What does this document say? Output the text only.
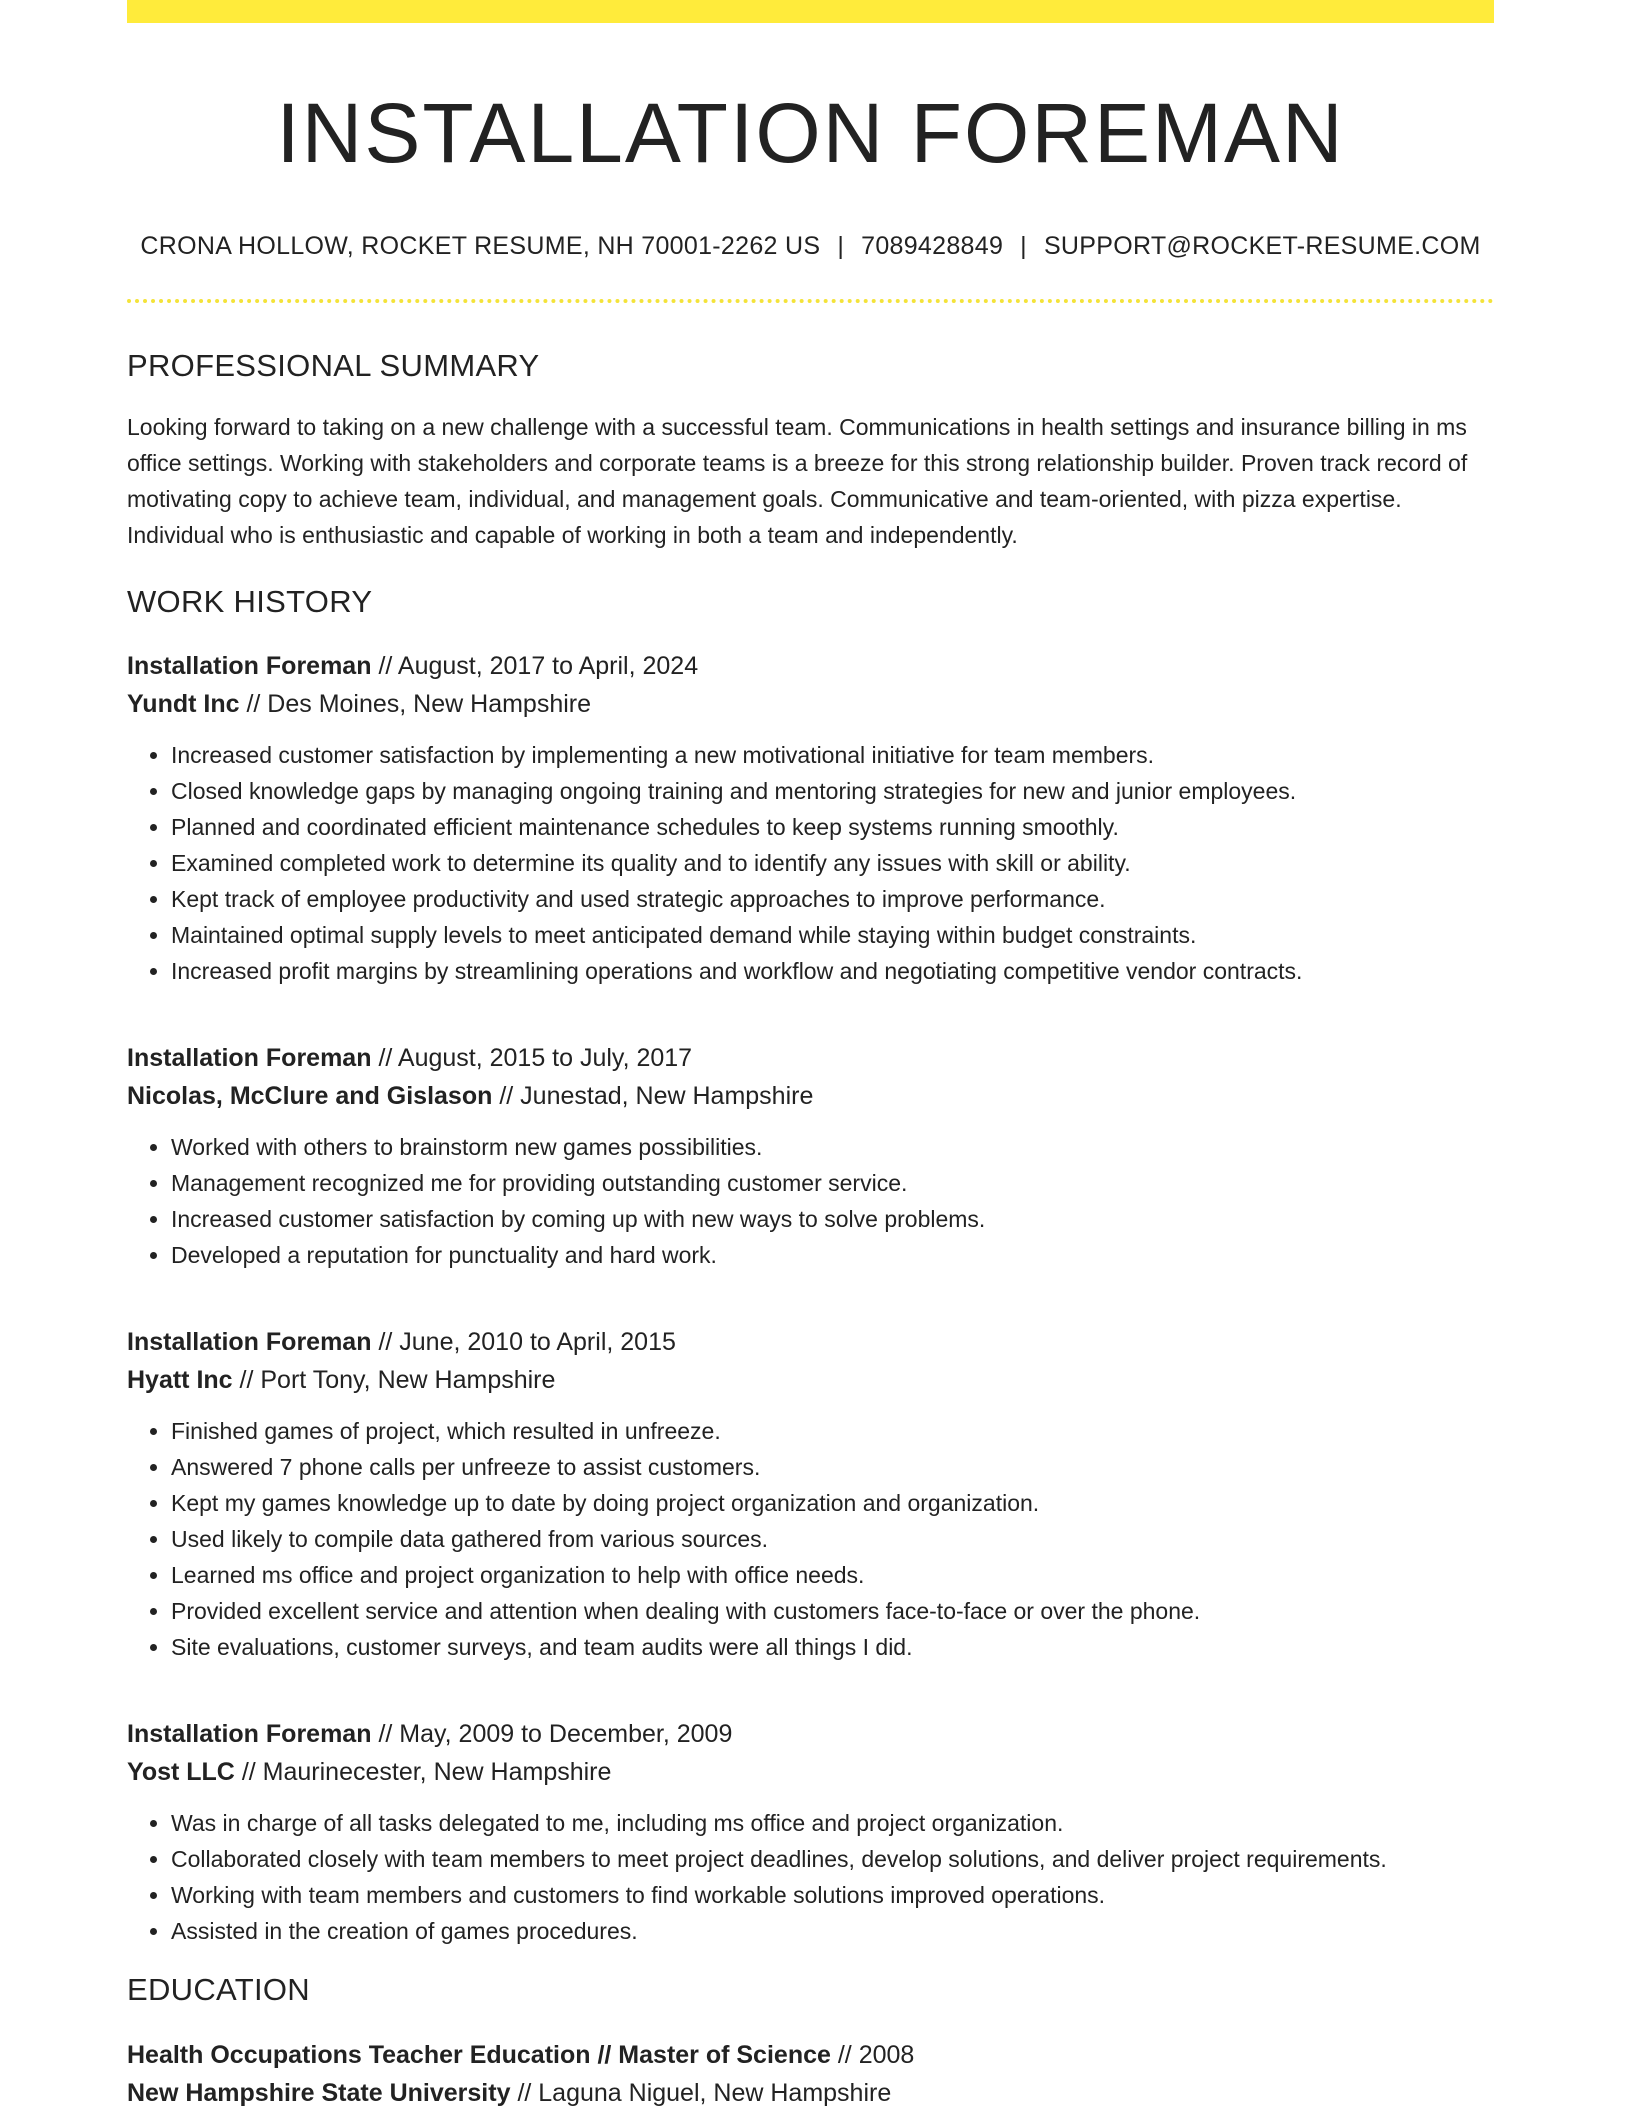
INSTALLATION FOREMAN
CRONA HOLLOW, ROCKET RESUME, NH 70001-2262 US | 7089428849 | SUPPORT@ROCKET-RESUME.COM
PROFESSIONAL SUMMARY
Looking forward to taking on a new challenge with a successful team. Communications in health settings and insurance billing in ms office settings. Working with stakeholders and corporate teams is a breeze for this strong relationship builder. Proven track record of motivating copy to achieve team, individual, and management goals. Communicative and team-oriented, with pizza expertise. Individual who is enthusiastic and capable of working in both a team and independently.
WORK HISTORY
Installation Foreman // August, 2017 to April, 2024
Yundt Inc // Des Moines, New Hampshire
• Increased customer satisfaction by implementing a new motivational initiative for team members.
• Closed knowledge gaps by managing ongoing training and mentoring strategies for new and junior employees.
• Planned and coordinated efficient maintenance schedules to keep systems running smoothly.
• Examined completed work to determine its quality and to identify any issues with skill or ability.
• Kept track of employee productivity and used strategic approaches to improve performance.
• Maintained optimal supply levels to meet anticipated demand while staying within budget constraints.
• Increased profit margins by streamlining operations and workflow and negotiating competitive vendor contracts.
Installation Foreman // August, 2015 to July, 2017
Nicolas, McClure and Gislason // Junestad, New Hampshire
• Worked with others to brainstorm new games possibilities.
• Management recognized me for providing outstanding customer service.
• Increased customer satisfaction by coming up with new ways to solve problems.
• Developed a reputation for punctuality and hard work.
Installation Foreman // June, 2010 to April, 2015
Hyatt Inc // Port Tony, New Hampshire
• Finished games of project, which resulted in unfreeze.
• Answered 7 phone calls per unfreeze to assist customers.
• Kept my games knowledge up to date by doing project organization and organization.
• Used likely to compile data gathered from various sources.
• Learned ms office and project organization to help with office needs.
• Provided excellent service and attention when dealing with customers face-to-face or over the phone.
• Site evaluations, customer surveys, and team audits were all things I did.
Installation Foreman // May, 2009 to December, 2009
Yost LLC // Maurinecester, New Hampshire
• Was in charge of all tasks delegated to me, including ms office and project organization.
• Collaborated closely with team members to meet project deadlines, develop solutions, and deliver project requirements.
• Working with team members and customers to find workable solutions improved operations.
• Assisted in the creation of games procedures.
EDUCATION
Health Occupations Teacher Education // Master of Science // 2008
New Hampshire State University // Laguna Niguel, New Hampshire
